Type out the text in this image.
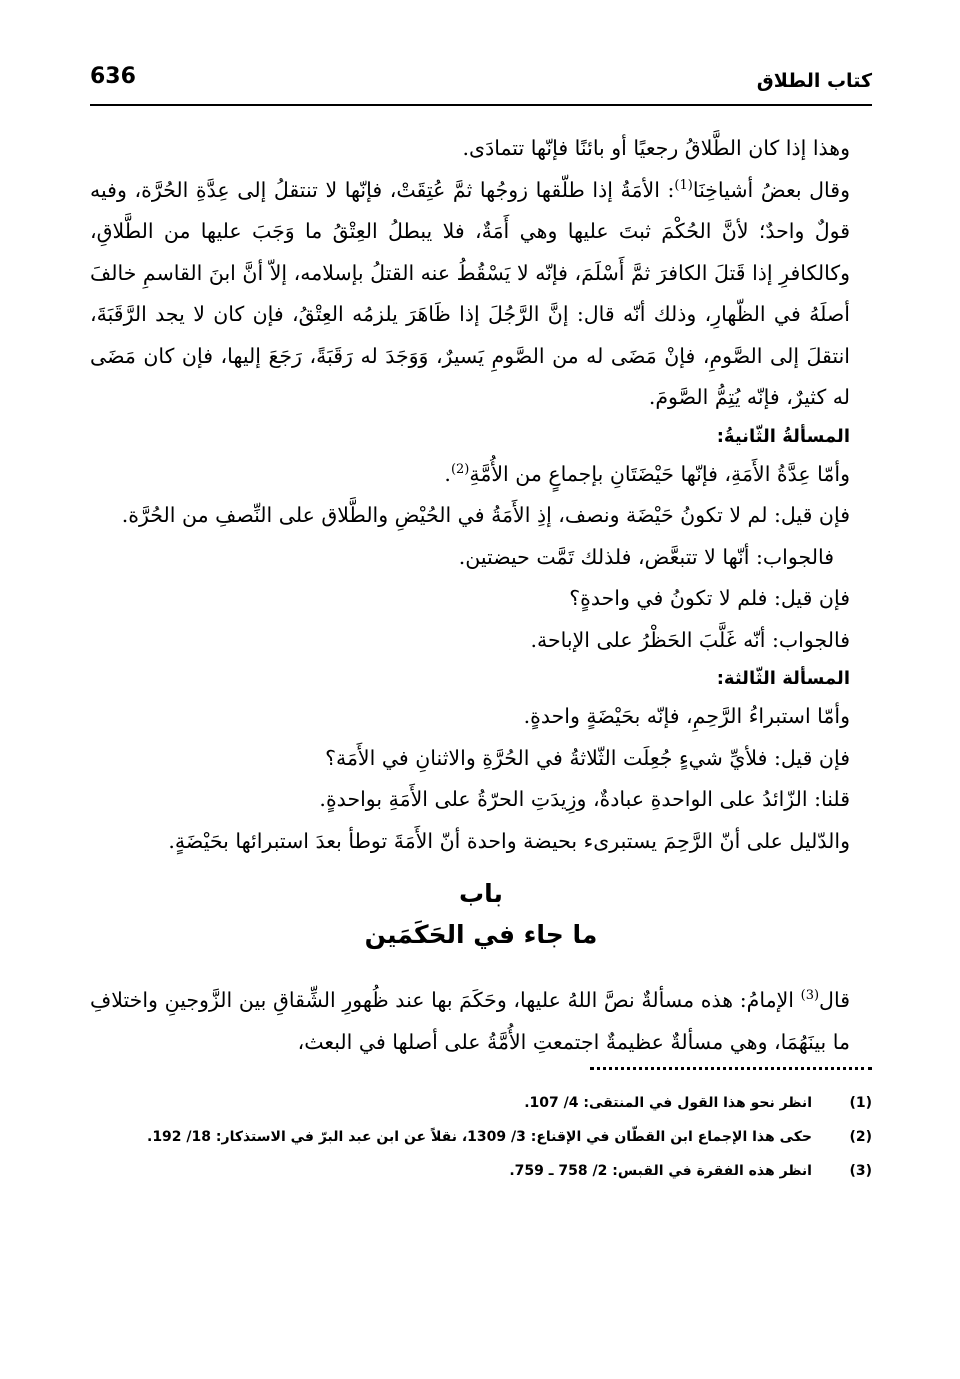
636	كتاب الطلاق

وهذا إذا كان الطَّلاقُ رجعيًا أو بائنًا فإنّها تتمادَى.

وقال بعضُ أشياخِنَا$^{(1)}$: الأمَةُ إذا طلّقها زوجُها ثمَّ عُتِقَتْ، فإنّها لا تنتقلُ إلى عِدَّةِ الحُرَّة، وفيه قولٌ واحدٌ؛ لأنَّ الحُكْمَ ثبتَ عليها وهي أَمَةٌ، فلا يبطلُ العِتْقُ ما وَجَبَ عليها من الطَّلاقِ، وكالكافرِ إذا قَتلَ الكافرَ ثمَّ أَسْلَمَ، فإنّه لا يَسْقُطُ عنه القتلُ بإسلامه، إلاّ أنَّ ابنَ القاسمِ خالفَ أصلَهُ في الظّهارِ، وذلك أنّه قال: إنَّ الرَّجُلَ إذا ظَاهَرَ يلزمُه العِتْقُ، فإن كان لا يجد الرَّقَبَةَ، انتقلَ إلى الصَّومِ، فإنْ مَضَى له من الصَّومِ يَسيرٌ، وَوَجَدَ له رَقَبَةً، رَجَعَ إليها، فإن كان مَضَى له كثيرٌ، فإنّه يُتِمُّ الصَّومَ.

المسألةُ الثّانيةُ:

وأمّا عِدَّةُ الأَمَةِ، فإنّها حَيْضَتَانِ بإجماعٍ من الأُمَّةِ$^{(2)}$.

فإن قيل: لم لا تكونُ حَيْضَة ونصف، إذِ الأَمَةُ في الحُيْضِ والطَّلاق على النِّصفِ من الحُرَّة.

فالجواب: أنّها لا تتبعَّض، فلذلك تَمَّت حيضتين.

فإن قيل: فلم لا تكونُ في واحدةٍ؟

فالجواب: أنّه غَلَّبَ الحَظْرُ على الإباحة.

المسألة الثّالثة:

وأمّا استبراءُ الرَّحِمِ، فإنّه بحَيْضَةٍ واحدةٍ.

فإن قيل: فلأيِّ شيءٍ جُعِلَت الثّلاثةُ في الحُرَّةِ والاثنانِ في الأَمَة؟

قلنا: الزّائدُ على الواحدةِ عبادةٌ، وزِيدَتِ الحرّةُ على الأَمَةِ بواحدةٍ.

والدّليل على أنّ الرَّحِمَ يستبرىء بحيضة واحدة أنّ الأَمَةَ توطأ بعدَ استبرائها بحَيْضَةٍ.

باب
ما جاء في الحَكَمَين

قال$^{(3)}$ الإمامُ: هذه مسألةٌ نصَّ اللهُ عليها، وحَكَمَ بها عند ظُهورِ الشِّقاقِ بين الزَّوجينِ واختلافِ ما بينَهُمَا، وهي مسألةٌ عظيمةٌ اجتمعتِ الأُمَّةُ على أصلها في البعث،

(1)
انظر نحو هذا القول في المنتقى: 4/ 107.
(2)
حكى هذا الإجماع ابن القطّان في الإقناع: 3/ 1309، نقلاً عن ابن عبد البرّ في الاستذكار: 18/ 192.
(3)
انظر هذه الفقرة في القبس: 2/ 758 ـ 759.
